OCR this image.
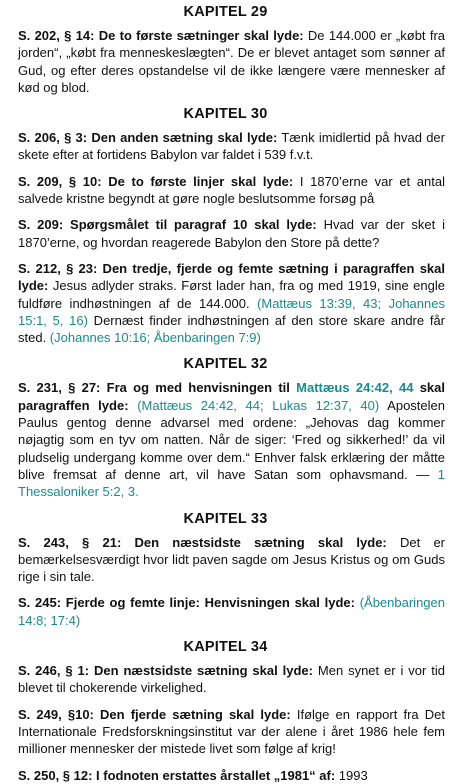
KAPITEL 29
S. 202, § 14: De to første sætninger skal lyde: De 144.000 er „købt fra jorden“, „købt fra menneskeslægten“. De er blevet antaget som sønner af Gud, og efter deres opstandelse vil de ikke længere være mennesker af kød og blod.
KAPITEL 30
S. 206, § 3: Den anden sætning skal lyde: Tænk imidlertid på hvad der skete efter at fortidens Babylon var faldet i 539 f.v.t.
S. 209, § 10: De to første linjer skal lyde: I 1870’erne var et antal salvede kristne begyndt at gøre nogle beslutsomme forsøg på
S. 209: Spørgsmålet til paragraf 10 skal lyde: Hvad var der sket i 1870’erne, og hvordan reagerede Babylon den Store på dette?
S. 212, § 23: Den tredje, fjerde og femte sætning i paragraffen skal lyde: Jesus adlyder straks. Først lader han, fra og med 1919, sine engle fuldføre indhøstningen af de 144.000. (Mattæus 13:39, 43; Johannes 15:1, 5, 16) Dernæst finder indhøstningen af den store skare andre får sted. (Johannes 10:16; Åbenbaringen 7:9)
KAPITEL 32
S. 231, § 27: Fra og med henvisningen til Mattæus 24:42, 44 skal paragraffen lyde: (Mattæus 24:42, 44; Lukas 12:37, 40) Apostelen Paulus gentog denne advarsel med ordene: „Jehovas dag kommer nøjagtig som en tyv om natten. Når de siger: ‘Fred og sikkerhed!’ da vil pludselig undergang komme over dem.“ Enhver falsk erklæring der måtte blive fremsat af denne art, vil have Satan som ophavsmand. — 1 Thessaloniker 5:2, 3.
KAPITEL 33
S. 243, § 21: Den næstsidste sætning skal lyde: Det er bemærkelsesværdigt hvor lidt paven sagde om Jesus Kristus og om Guds rige i sin tale.
S. 245: Fjerde og femte linje: Henvisningen skal lyde: (Åbenbaringen 14:8; 17:4)
KAPITEL 34
S. 246, § 1: Den næstsidste sætning skal lyde: Men synet er i vor tid blevet til chokerende virkelighed.
S. 249, §10: Den fjerde sætning skal lyde: Ifølge en rapport fra Det Internationale Fredsforskningsinstitut var der alene i året 1986 hele fem millioner mennesker der mistede livet som følge af krig!
S. 250, § 12: I fodnoten erstattes årstallet „1981“ af: 1993
